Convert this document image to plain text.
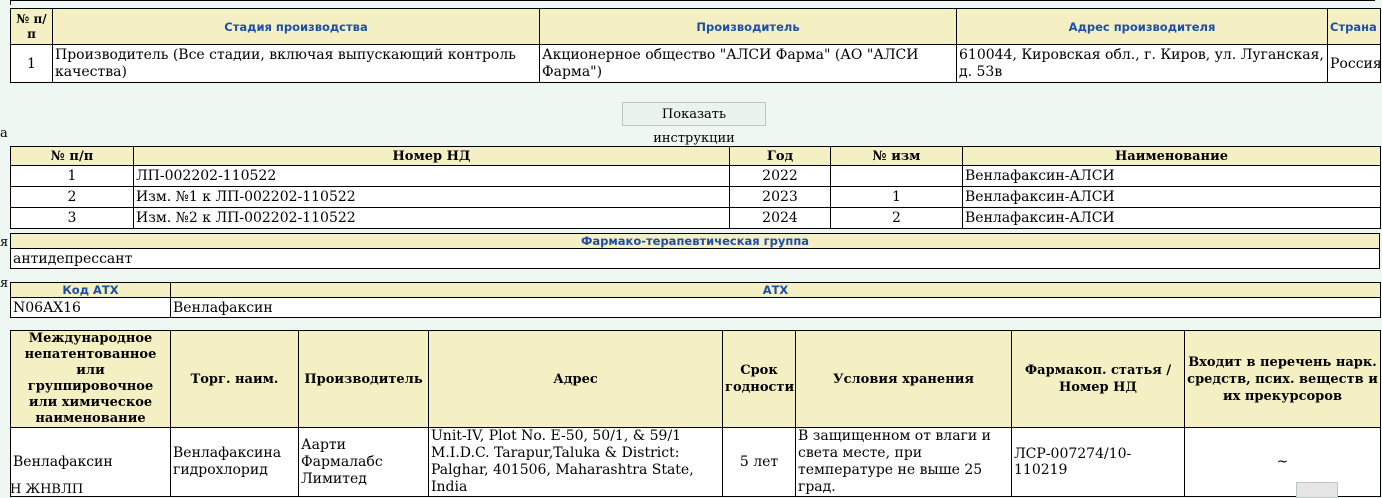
№ п/п	Стадия производства	Производитель	Адрес производителя	Страна
1	Производитель (Все стадии, включая выпускающий контроль качества)	Акционерное общество "АЛСИ Фарма" (АО "АЛСИ Фарма")	610044, Кировская обл., г. Киров, ул. Луганская, д. 53в	Россия
Показать инструкции
а
№ п/п	Номер НД	Год	№ изм	Наименование
1	ЛП-002202-110522	2022		Венлафаксин-АЛСИ
2	Изм. №1 к ЛП-002202-110522	2023	1	Венлафаксин-АЛСИ
3	Изм. №2 к ЛП-002202-110522	2024	2	Венлафаксин-АЛСИ
я	Фармако-терапевтическая группа
антидепрессант
я	Код АТХ	АТХ
N06AX16	Венлафаксин
Международное непатентованное или группировочное или химическое наименование	Торг. наим.	Производитель	Адрес	Срок годности	Условия хранения	Фармакоп. статья / Номер НД	Входит в перечень нарк. средств, псих. веществ и их прекурсоров
Венлафаксин	Венлафаксина гидрохлорид	Аарти Фармалабс Лимитед	Unit-IV, Plot No. E-50, 50/1, & 59/1 M.I.D.C. Tarapur,Taluka & District: Palghar, 401506, Maharashtra State, India	5 лет	В защищенном от влаги и света месте, при температуре не выше 25 град.	ЛСР-007274/10-110219	~
Н ЖНВЛП
